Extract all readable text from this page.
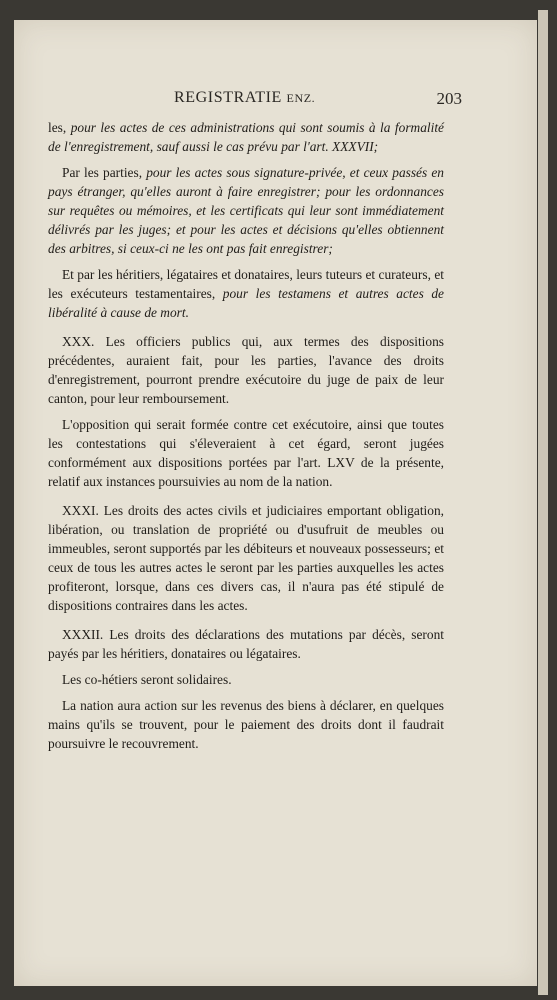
REGISTRATIE ENZ.	203

les, pour les actes de ces administrations qui sont soumis à la formalité de l'enregistrement, sauf aussi le cas prévu par l'art. XXXVII;

Par les parties, pour les actes sous signature-privée, et ceux passés en pays étranger, qu'elles auront à faire enregistrer; pour les ordonnances sur requêtes ou mémoires, et les certificats qui leur sont immédiatement délivrés par les juges; et pour les actes et décisions qu'elles obtiennent des arbitres, si ceux-ci ne les ont pas fait enregistrer;

Et par les héritiers, légataires et donataires, leurs tuteurs et curateurs, et les exécuteurs testamentaires, pour les testamens et autres actes de libéralité à cause de mort.

XXX. Les officiers publics qui, aux termes des dispositions précédentes, auraient fait, pour les parties, l'avance des droits d'enregistrement, pourront prendre exécutoire du juge de paix de leur canton, pour leur remboursement.

L'opposition qui serait formée contre cet exécutoire, ainsi que toutes les contestations qui s'éleveraient à cet égard, seront jugées conformément aux dispositions portées par l'art. LXV de la présente, relatif aux instances poursuivies au nom de la nation.

XXXI. Les droits des actes civils et judiciaires emportant obligation, libération, ou translation de propriété ou d'usufruit de meubles ou immeubles, seront supportés par les débiteurs et nouveaux possesseurs; et ceux de tous les autres actes le seront par les parties auxquelles les actes profiteront, lorsque, dans ces divers cas, il n'aura pas été stipulé de dispositions contraires dans les actes.

XXXII. Les droits des déclarations des mutations par décès, seront payés par les héritiers, donataires ou légataires.

Les co-hétiers seront solidaires.

La nation aura action sur les revenus des biens à déclarer, en quelques mains qu'ils se trouvent, pour le paiement des droits dont il faudrait poursuivre le recouvrement.
